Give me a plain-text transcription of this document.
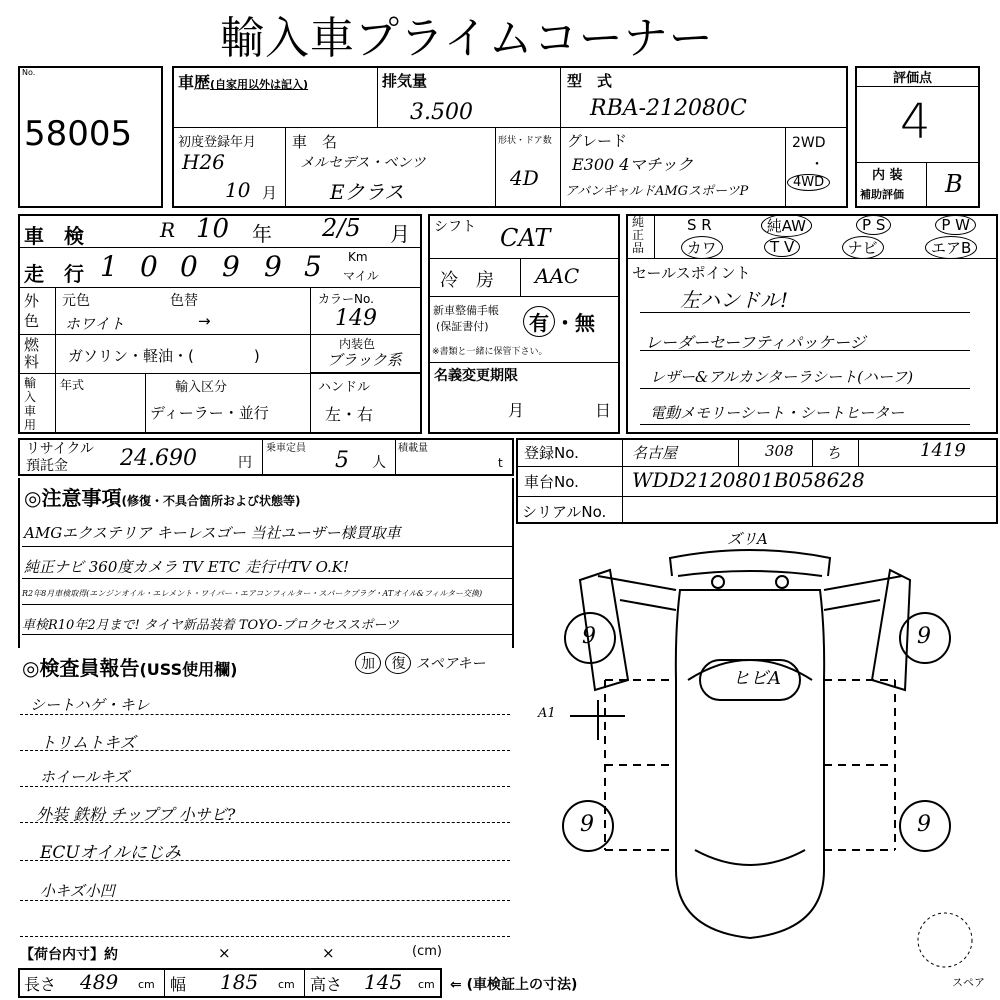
輸入車プライムコーナー
No.
58005
車歴(自家用以外は記入)	排気量
3.500
型　式
RBA-212080C
初度登録年月
H26
10 月
車　名
メルセデス・ベンツ
Eクラス
形状・ドア数
4D
グレード
E300 4マチック
アバンギャルドAMGスポーツP
2WD
・
4WD
評価点
4
内 装
補助評価 B
車　検	R 10 年 2/5 月
走　行 1 0 0 9 9 5 Km
マイル
外色
元色	色替
ホワイト	→
カラーNo.
149
燃料	ガソリン・軽油・(　　　　)
内装色
ブラック系
輸入車用
年式	輸入区分
ディーラー・並行
ハンドル
左・右
シフト CAT
冷　房 AAC
新車整備手帳
(保証書付)	有 ・無
※書類と一緒に保管下さい。
名義変更期限
月	日
純正品
S R	純AW	P S	P W
カワ	T V	ナビ	エアB
セールスポイント
左ハンドル!
レーダーセーフティパッケージ
レザー&アルカンターラシート(ハーフ)
電動メモリーシート・シートヒーター
リサイクル
預託金 24.690	円
乗車定員 5 人
積載量
t
登録No.	名古屋	308 ち	1419
車台No.	WDD2120801B058628
シリアルNo.
◎注意事項(修復・不具合箇所および状態等)
AMGエクステリア キーレスゴー 当社ユーザー様買取車
純正ナビ 360度カメラ TV ETC 走行中TV O.K!
R2年8月車検取得(エンジンオイル・エレメント・ワイパー・エアコンフィルター・スパークプラグ・ATオイル&フィルター交換)
車検R10年2月まで! タイヤ新品装着 TOYO-プロクセススポーツ
◎検査員報告(USS使用欄)	加 復 スペアキー
シートハゲ・キレ
トリムトキズ
ホイールキズ
外装 鉄粉 チッププ 小サビ?
ECUオイルにじみ
小キズ小凹
ズリA
ヒビA
A1
9	9
9	9
スペア
【荷台内寸】約	×	×	(cm)
長さ 489 cm 幅 185 cm 高さ 145 cm ⇐ (車検証上の寸法)
